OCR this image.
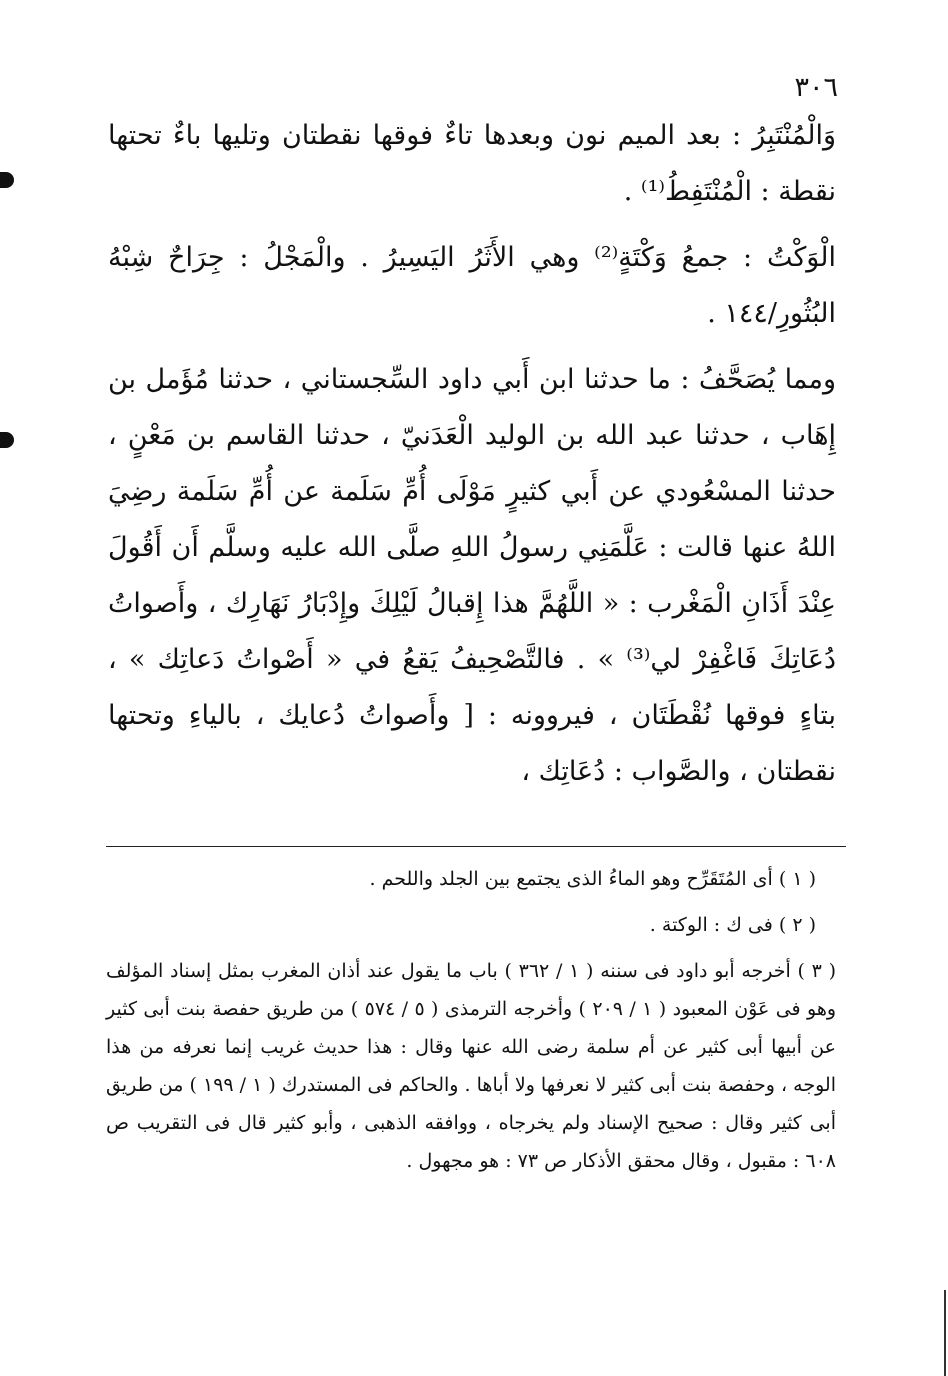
٣٠٦

وَالْمُنْتَبِرُ : بعد الميم نون وبعدها تاءٌ فوقها نقطتان وتليها باءٌ تحتها نقطة : الْمُنْتَفِطُ⁽¹⁾ .

الْوَكْتُ : جمعُ وَكْتَةٍ⁽²⁾ وهي الأَثَرُ اليَسِيرُ . والْمَجْلُ : جِرَاحٌ شِبْهُ البُثُورِ/١٤٤ .

ومما يُصَحَّفُ : ما حدثنا ابن أَبي داود السِّجستاني ، حدثنا مُؤَمل بن إِهَاب ، حدثنا عبد الله بن الوليد الْعَدَنيّ ، حدثنا القاسم بن مَعْنٍ ، حدثنا المسْعُودي عن أَبي كثيرٍ مَوْلَى أُمِّ سَلَمة عن أُمِّ سَلَمة رضِيَ اللهُ عنها قالت : عَلَّمَنِي رسولُ اللهِ صلَّى الله عليه وسلَّم أَن أَقُولَ عِنْدَ أَذَانِ الْمَغْرب : « اللَّهُمَّ هذا إِقبالُ لَيْلِكَ وإِدْبَارُ نَهَارِك ، وأَصواتُ دُعَاتِكَ فَاغْفِرْ لي⁽³⁾ » . فالتَّصْحِيفُ يَقعُ في « أَصْواتُ دَعاتِك » ، بتاءٍ فوقها نُقْطَتَان ، فيروونه : [ وأَصواتُ دُعايك ، بالياءِ وتحتها نقطتان ، والصَّواب : دُعَاتِك ،

( ١ ) أى المُتَقَرِّح وهو الماءُ الذى يجتمع بين الجلد واللحم .

( ٢ ) فى ك : الوكتة .

( ٣ ) أخرجه أبو داود فى سننه ( ١ / ٣٦٢ ) باب ما يقول عند أذان المغرب بمثل إسناد المؤلف وهو فى عَوْن المعبود ( ١ / ٢٠٩ ) وأخرجه الترمذى ( ٥ / ٥٧٤ ) من طريق حفصة بنت أبى كثير عن أبيها أبى كثير عن أم سلمة رضى الله عنها وقال : هذا حديث غريب إنما نعرفه من هذا الوجه ، وحفصة بنت أبى كثير لا نعرفها ولا أباها . والحاكم فى المستدرك ( ١ / ١٩٩ ) من طريق أبى كثير وقال : صحيح الإسناد ولم يخرجاه ، ووافقه الذهبى ، وأبو كثير قال فى التقريب ص ٦٠٨ : مقبول ، وقال محقق الأذكار ص ٧٣ : هو مجهول .
